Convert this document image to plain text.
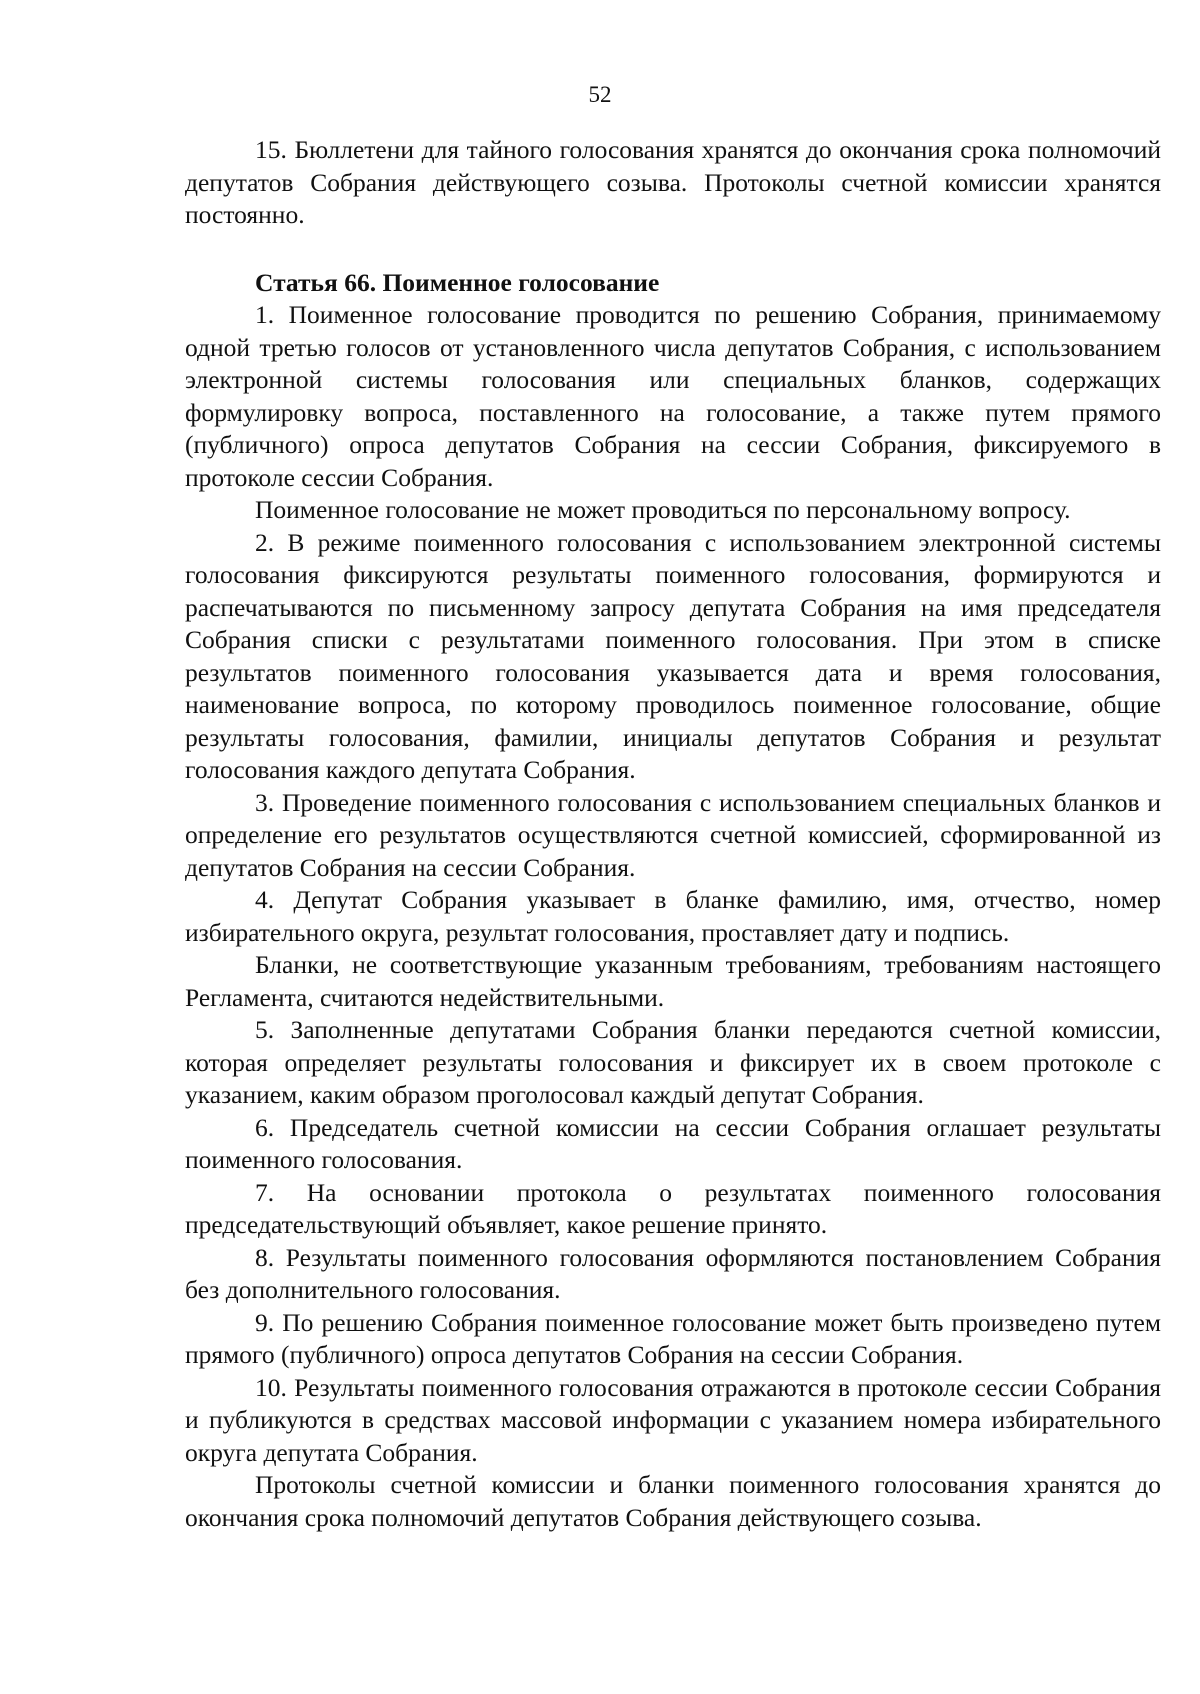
52

15. Бюллетени для тайного голосования хранятся до окончания срока полномочий депутатов Собрания действующего созыва. Протоколы счетной комиссии хранятся постоянно.

Статья 66. Поименное голосование

1. Поименное голосование проводится по решению Собрания, принимаемому одной третью голосов от установленного числа депутатов Собрания, с использованием электронной системы голосования или специальных бланков, содержащих формулировку вопроса, поставленного на голосование, а также путем прямого (публичного) опроса депутатов Собрания на сессии Собрания, фиксируемого в протоколе сессии Собрания.

Поименное голосование не может проводиться по персональному вопросу.

2. В режиме поименного голосования с использованием электронной системы голосования фиксируются результаты поименного голосования, формируются и распечатываются по письменному запросу депутата Собрания на имя председателя Собрания списки с результатами поименного голосования. При этом в списке результатов поименного голосования указывается дата и время голосования, наименование вопроса, по которому проводилось поименное голосование, общие результаты голосования, фамилии, инициалы депутатов Собрания и результат голосования каждого депутата Собрания.

3. Проведение поименного голосования с использованием специальных бланков и определение его результатов осуществляются счетной комиссией, сформированной из депутатов Собрания на сессии Собрания.

4. Депутат Собрания указывает в бланке фамилию, имя, отчество, номер избирательного округа, результат голосования, проставляет дату и подпись.

Бланки, не соответствующие указанным требованиям, требованиям настоящего Регламента, считаются недействительными.

5. Заполненные депутатами Собрания бланки передаются счетной комиссии, которая определяет результаты голосования и фиксирует их в своем протоколе с указанием, каким образом проголосовал каждый депутат Собрания.

6. Председатель счетной комиссии на сессии Собрания оглашает результаты поименного голосования.

7. На основании протокола о результатах поименного голосования председательствующий объявляет, какое решение принято.

8. Результаты поименного голосования оформляются постановлением Собрания без дополнительного голосования.

9. По решению Собрания поименное голосование может быть произведено путем прямого (публичного) опроса депутатов Собрания на сессии Собрания.

10. Результаты поименного голосования отражаются в протоколе сессии Собрания и публикуются в средствах массовой информации с указанием номера избирательного округа депутата Собрания.

Протоколы счетной комиссии и бланки поименного голосования хранятся до окончания срока полномочий депутатов Собрания действующего созыва.
